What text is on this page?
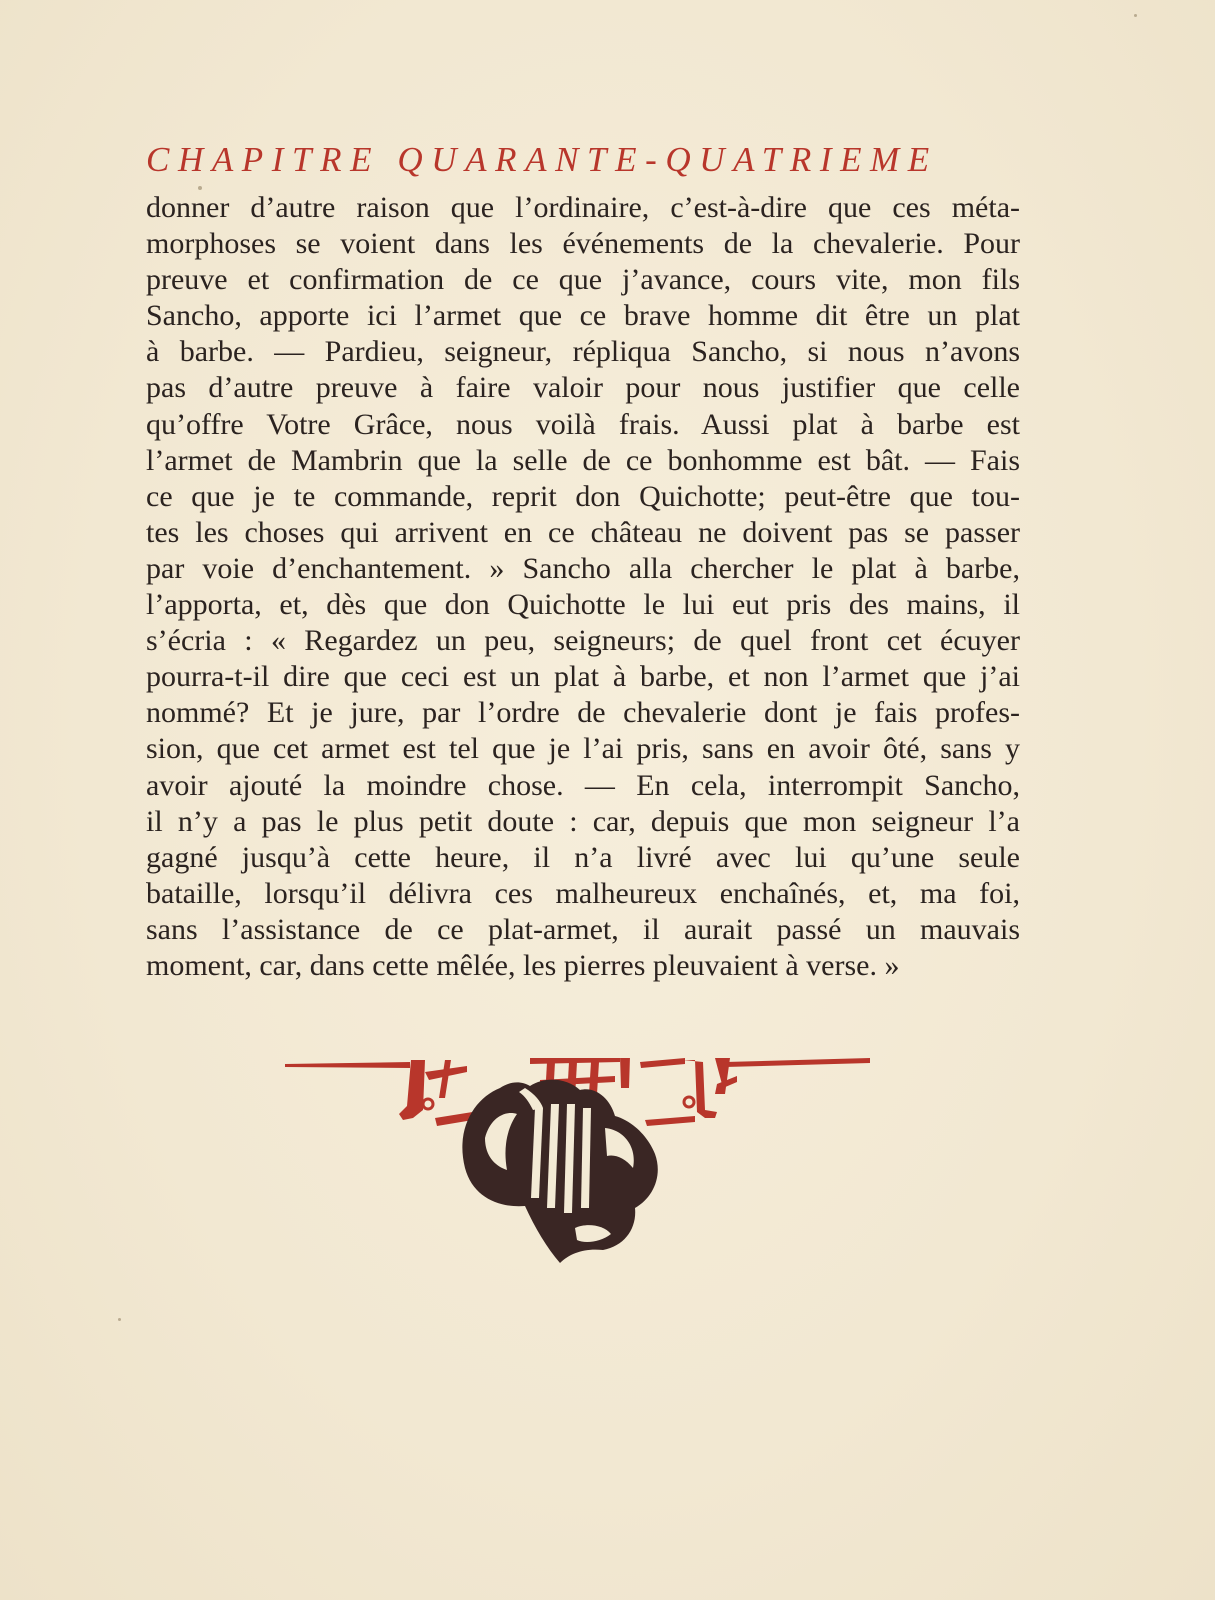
CHAPITRE QUARANTE-QUATRIEME
donner d’autre raison que l’ordinaire, c’est-à-dire que ces méta-
morphoses se voient dans les événements de la chevalerie. Pour
preuve et confirmation de ce que j’avance, cours vite, mon fils
Sancho, apporte ici l’armet que ce brave homme dit être un plat
à barbe. — Pardieu, seigneur, répliqua Sancho, si nous n’avons
pas d’autre preuve à faire valoir pour nous justifier que celle
qu’offre Votre Grâce, nous voilà frais. Aussi plat à barbe est
l’armet de Mambrin que la selle de ce bonhomme est bât. — Fais
ce que je te commande, reprit don Quichotte; peut-être que tou-
tes les choses qui arrivent en ce château ne doivent pas se passer
par voie d’enchantement. » Sancho alla chercher le plat à barbe,
l’apporta, et, dès que don Quichotte le lui eut pris des mains, il
s’écria : « Regardez un peu, seigneurs; de quel front cet écuyer
pourra-t-il dire que ceci est un plat à barbe, et non l’armet que j’ai
nommé? Et je jure, par l’ordre de chevalerie dont je fais profes-
sion, que cet armet est tel que je l’ai pris, sans en avoir ôté, sans y
avoir ajouté la moindre chose. — En cela, interrompit Sancho,
il n’y a pas le plus petit doute : car, depuis que mon seigneur l’a
gagné jusqu’à cette heure, il n’a livré avec lui qu’une seule
bataille, lorsqu’il délivra ces malheureux enchaînés, et, ma foi,
sans l’assistance de ce plat-armet, il aurait passé un mauvais
moment, car, dans cette mêlée, les pierres pleuvaient à verse. »
